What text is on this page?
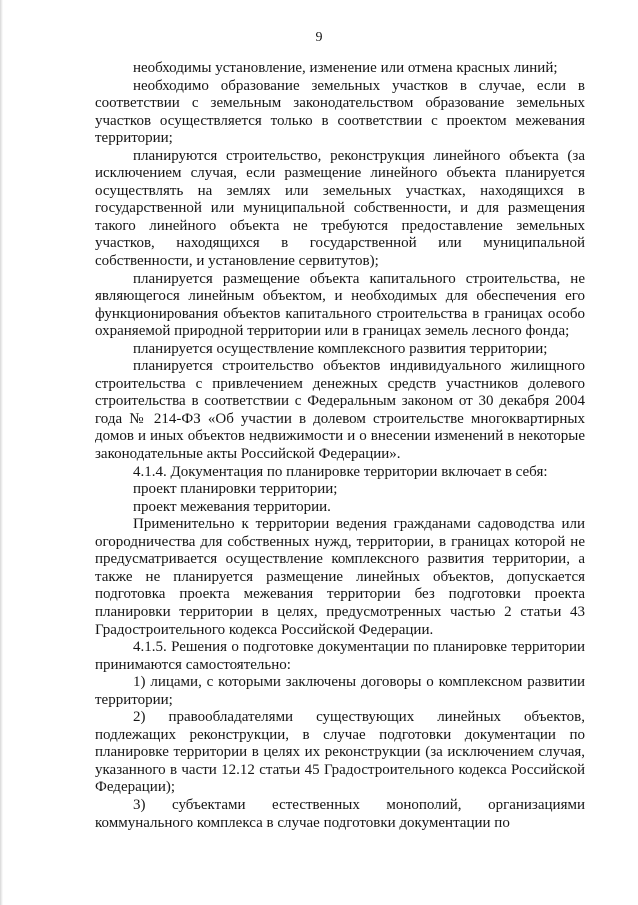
9

необходимы установление, изменение или отмена красных линий;

необходимо образование земельных участков в случае, если в соответствии с земельным законодательством образование земельных участков осуществляется только в соответствии с проектом межевания территории;

планируются строительство, реконструкция линейного объекта (за исключением случая, если размещение линейного объекта планируется осуществлять на землях или земельных участках, находящихся в государственной или муниципальной собственности, и для размещения такого линейного объекта не требуются предоставление земельных участков, находящихся в государственной или муниципальной собственности, и установление сервитутов);

планируется размещение объекта капитального строительства, не являющегося линейным объектом, и необходимых для обеспечения его функционирования объектов капитального строительства в границах особо охраняемой природной территории или в границах земель лесного фонда;

планируется осуществление комплексного развития территории;

планируется строительство объектов индивидуального жилищного строительства с привлечением денежных средств участников долевого строительства в соответствии с Федеральным законом от 30 декабря 2004 года № 214-ФЗ «Об участии в долевом строительстве многоквартирных домов и иных объектов недвижимости и о внесении изменений в некоторые законодательные акты Российской Федерации».

4.1.4. Документация по планировке территории включает в себя:

проект планировки территории;

проект межевания территории.

Применительно к территории ведения гражданами садоводства или огородничества для собственных нужд, территории, в границах которой не предусматривается осуществление комплексного развития территории, а также не планируется размещение линейных объектов, допускается подготовка проекта межевания территории без подготовки проекта планировки территории в целях, предусмотренных частью 2 статьи 43 Градостроительного кодекса Российской Федерации.

4.1.5. Решения о подготовке документации по планировке территории принимаются самостоятельно:

1) лицами, с которыми заключены договоры о комплексном развитии территории;

2) правообладателями существующих линейных объектов, подлежащих реконструкции, в случае подготовки документации по планировке территории в целях их реконструкции (за исключением случая, указанного в части 12.12 статьи 45 Градостроительного кодекса Российской Федерации);

3) субъектами естественных монополий, организациями коммунального комплекса в случае подготовки документации по
